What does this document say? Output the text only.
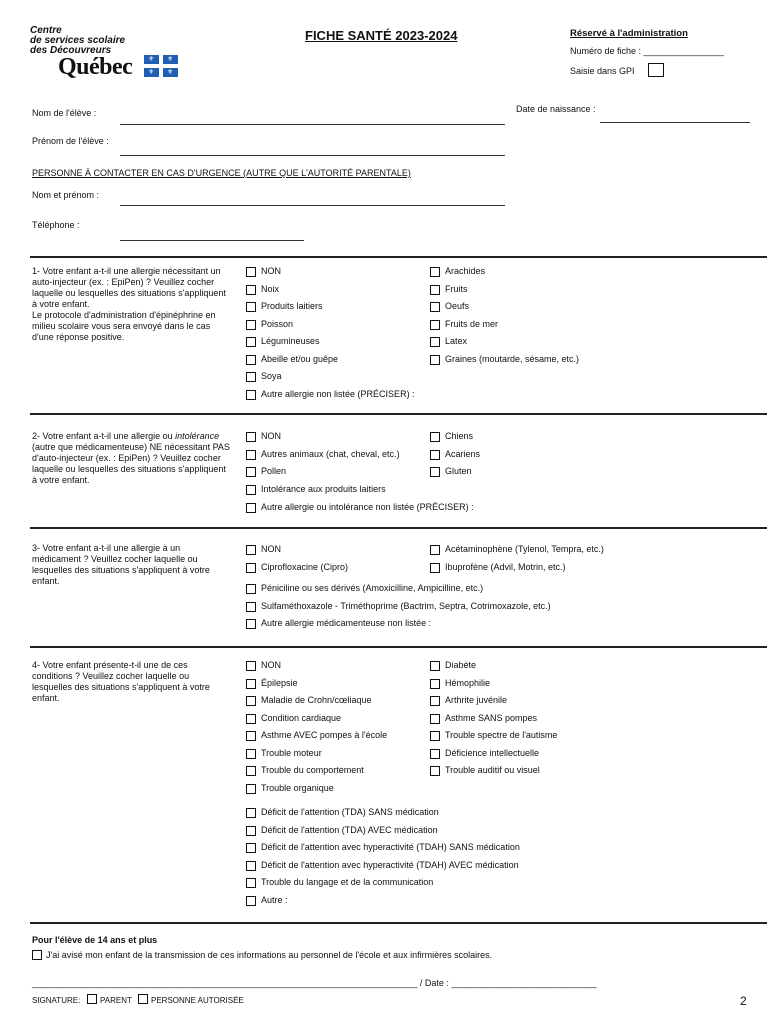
Centre
de services scolaire
des Découvreurs
Québec ⚜ ⚜
⚜ ⚜
FICHE SANTÉ 2023-2024	Réservé à l'administration
Numéro de fiche : ________________
Saisie dans GPI
Nom de l'élève :	Date de naissance :
Prénom de l'élève :
PERSONNE À CONTACTER EN CAS D'URGENCE (AUTRE QUE L'AUTORITÉ PARENTALE)
Nom et prénom :
Téléphone :
1- Votre enfant a-t-il une allergie nécessitant un auto-injecteur (ex. : EpiPen) ? Veuillez cocher laquelle ou lesquelles des situations s'appliquent à votre enfant.
Le protocole d'administration d'épinéphrine en milieu scolaire vous sera envoyé dans le cas d'une réponse positive.
NON
Noix
Produits laitiers
Poisson
Légumineuses
Abeille et/ou guêpe
Soya
Autre allergie non listée (PRÉCISER) :
Arachides
Fruits
Oeufs
Fruits de mer
Latex
Graines (moutarde, sésame, etc.)
2- Votre enfant a-t-il une allergie ou intolérance (autre que médicamenteuse) NE nécessitant PAS d'auto-injecteur (ex. : EpiPen) ? Veuillez cocher laquelle ou lesquelles des situations s'appliquent à votre enfant.
NON
Autres animaux (chat, cheval, etc.)
Pollen
Intolérance aux produits laitiers
Autre allergie ou intolérance non listée (PRÉCISER) :
Chiens
Acariens
Gluten
3- Votre enfant a-t-il une allergie à un médicament ? Veuillez cocher laquelle ou lesquelles des situations s'appliquent à votre enfant.
NON
Ciprofloxacine (Cipro)
Péniciline ou ses dérivés (Amoxicilline, Ampicilline, etc.)
Sulfaméthoxazole - Triméthoprime (Bactrim, Septra, Cotrimoxazole, etc.)
Autre allergie médicamenteuse non listée :
Acétaminophène (Tylenol, Tempra, etc.)
Ibuprofène (Advil, Motrin, etc.)
4- Votre enfant présente-t-il une de ces conditions ? Veuillez cocher laquelle ou lesquelles des situations s'appliquent à votre enfant.
NON
Épilepsie
Maladie de Crohn/cœliaque
Condition cardiaque
Asthme AVEC pompes à l'école
Trouble moteur
Trouble du comportement
Trouble organique
Déficit de l'attention (TDA) SANS médication
Déficit de l'attention (TDA) AVEC médication
Déficit de l'attention avec hyperactivité (TDAH) SANS médication
Déficit de l'attention avec hyperactivité (TDAH) AVEC médication
Trouble du langage et de la communication
Autre :
Diabète
Hémophilie
Arthrite juvénile
Asthme SANS pompes
Trouble spectre de l'autisme
Déficience intellectuelle
Trouble auditif ou visuel
Pour l'élève de 14 ans et plus
J'ai avisé mon enfant de la transmission de ces informations au personnel de l'école et aux infirmières scolaires.
_____________________________________________________________________________ / Date : _____________________________
SIGNATURE: PARENT PERSONNE AUTORISÉE	2
